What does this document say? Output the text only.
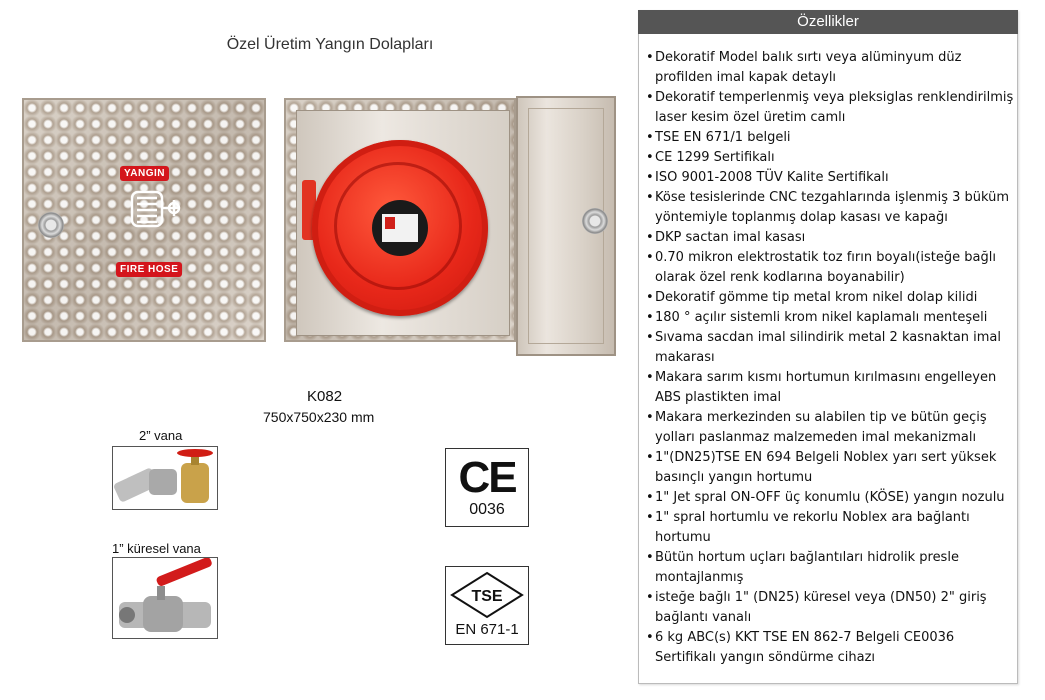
Özel Üretim Yangın Dolapları
YANGIN
FIRE HOSE
K082
750x750x230 mm
2” vana
1” küresel vana
CE
0036
TSE
EN 671-1
Özellikler
• Dekoratif Model balık sırtı veya alüminyum düz profilden imal kapak detaylı
• Dekoratif temperlenmiş veya pleksiglas renklendirilmiş laser kesim özel üretim camlı
• TSE EN 671/1 belgeli
• CE 1299 Sertifikalı
• ISO 9001-2008 TÜV Kalite Sertifikalı
• Köse tesislerinde CNC tezgahlarında işlenmiş 3 büküm yöntemiyle toplanmış dolap kasası ve kapağı
• DKP sactan imal kasası
• 0.70 mikron elektrostatik toz fırın boyalı(isteğe bağlı olarak özel renk kodlarına boyanabilir)
• Dekoratif gömme tip metal krom nikel dolap kilidi
• 180 ° açılır sistemli krom nikel kaplamalı menteşeli
• Sıvama sacdan imal silindirik metal 2 kasnaktan imal makarası
• Makara sarım kısmı hortumun kırılmasını engelleyen ABS plastikten imal
• Makara merkezinden su alabilen tip ve bütün geçiş yolları paslanmaz malzemeden imal mekanizmalı
• 1"(DN25)TSE EN 694 Belgeli Noblex yarı sert yüksek basınçlı yangın hortumu
• 1" Jet spral ON-OFF üç konumlu (KÖSE) yangın nozulu
• 1" spral hortumlu ve rekorlu Noblex ara bağlantı hortumu
• Bütün hortum uçları bağlantıları hidrolik presle montajlanmış
• isteğe bağlı 1" (DN25) küresel veya (DN50) 2" giriş bağlantı vanalı
• 6 kg ABC(s) KKT TSE EN 862-7 Belgeli CE0036 Sertifikalı yangın söndürme cihazı
